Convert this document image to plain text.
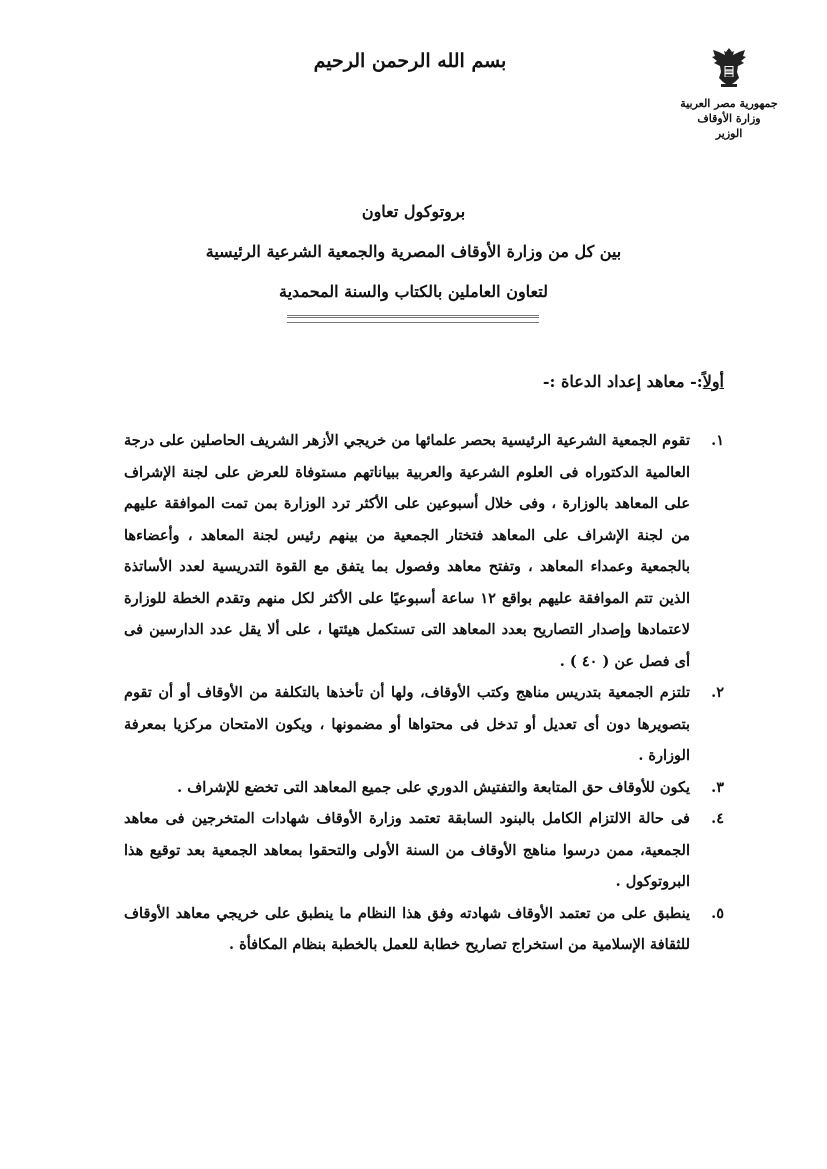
بسم الله الرحمن الرحيم
جمهورية مصر العربية
وزارة الأوقاف
الوزير
بروتوكول تعاون
بين كل من وزارة الأوقاف المصرية والجمعية الشرعية الرئيسية
لتعاون العاملين بالكتاب والسنة المحمدية
أولاً:- معاهد إعداد الدعاة :-
١.
تقوم الجمعية الشرعية الرئيسية بحصر علمائها من خريجي الأزهر الشريف الحاصلين على درجة العالمية الدكتوراه فى العلوم الشرعية والعربية ببياناتهم مستوفاة للعرض على لجنة الإشراف على المعاهد بالوزارة ، وفى خلال أسبوعين على الأكثر ترد الوزارة بمن تمت الموافقة عليهم من لجنة الإشراف على المعاهد فتختار الجمعية من بينهم رئيس لجنة المعاهد ، وأعضاءها بالجمعية وعمداء المعاهد ، وتفتح معاهد وفصول بما يتفق مع القوة التدريسية لعدد الأساتذة الذين تتم الموافقة عليهم بواقع ١٢ ساعة أسبوعيًا على الأكثر لكل منهم وتقدم الخطة للوزارة لاعتمادها وإصدار التصاريح بعدد المعاهد التى تستكمل هيئتها ، على ألا يقل عدد الدارسين فى أى فصل عن ( ٤٠ ) .
٢.
تلتزم الجمعية بتدريس مناهج وكتب الأوقاف، ولها أن تأخذها بالتكلفة من الأوقاف أو أن تقوم بتصويرها دون أى تعديل أو تدخل فى محتواها أو مضمونها ، ويكون الامتحان مركزيا بمعرفة الوزارة .
٣.
يكون للأوقاف حق المتابعة والتفتيش الدوري على جميع المعاهد التى تخضع للإشراف .
٤.
فى حالة الالتزام الكامل بالبنود السابقة تعتمد وزارة الأوقاف شهادات المتخرجين فى معاهد الجمعية، ممن درسوا مناهج الأوقاف من السنة الأولى والتحقوا بمعاهد الجمعية بعد توقيع هذا البروتوكول .
٥.
ينطبق على من تعتمد الأوقاف شهادته وفق هذا النظام ما ينطبق على خريجي معاهد الأوقاف للثقافة الإسلامية من استخراج تصاريح خطابة للعمل بالخطبة بنظام المكافأة .
